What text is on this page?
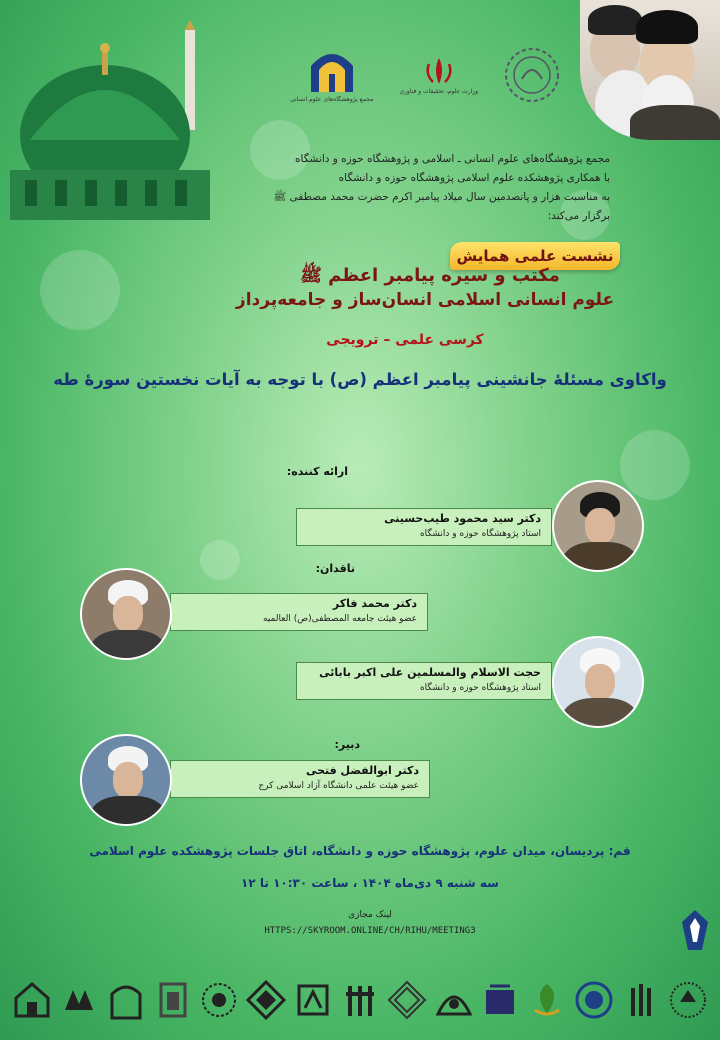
مجمع پژوهشگاه‌های علوم انسانی
وزارت علوم، تحقیقات و فناوری
مجمع پژوهشگاه‌های علوم انسانی ـ اسلامی و پژوهشگاه حوزه و دانشگاه
با همکاری پژوهشکده علوم اسلامی پژوهشگاه حوزه و دانشگاه
به مناسبت هزار و پانصدمین سال میلاد پیامبر اکرم حضرت محمد مصطفی ﷺ
برگزار می‌کند:
نشست علمی همایش
مکتب و سیره پیامبر اعظم ﷺ
علوم انسانی اسلامی انسان‌ساز و جامعه‌پرداز
کرسی علمی – ترویجی
واکاوی مسئلهٔ جانشینی پیامبر اعظم (ص) با توجه به آیات نخستین سورهٔ طه
ارائه کننده:
دکتر سید محمود طیب‌حسینی
استاد پژوهشگاه حوزه و دانشگاه
ناقدان:
دکتر محمد فاکر
عضو هیئت جامعه المصطفی(ص) العالمیه
حجت الاسلام والمسلمین علی اکبر بابائی
استاد پژوهشگاه حوزه و دانشگاه
دبیر:
دکتر ابوالفضل فتحی
عضو هیئت علمی دانشگاه آزاد اسلامی کرج
قم: پردیسان، میدان علوم، پژوهشگاه حوزه و دانشگاه، اتاق جلسات پژوهشکده علوم اسلامی
سه شنبه ۹ دی‌ماه ۱۴۰۴ ، ساعت ۱۰:۳۰ تا ۱۲
لینک مجازی
HTTPS://SKYROOM.ONLINE/CH/RIHU/MEETING3
